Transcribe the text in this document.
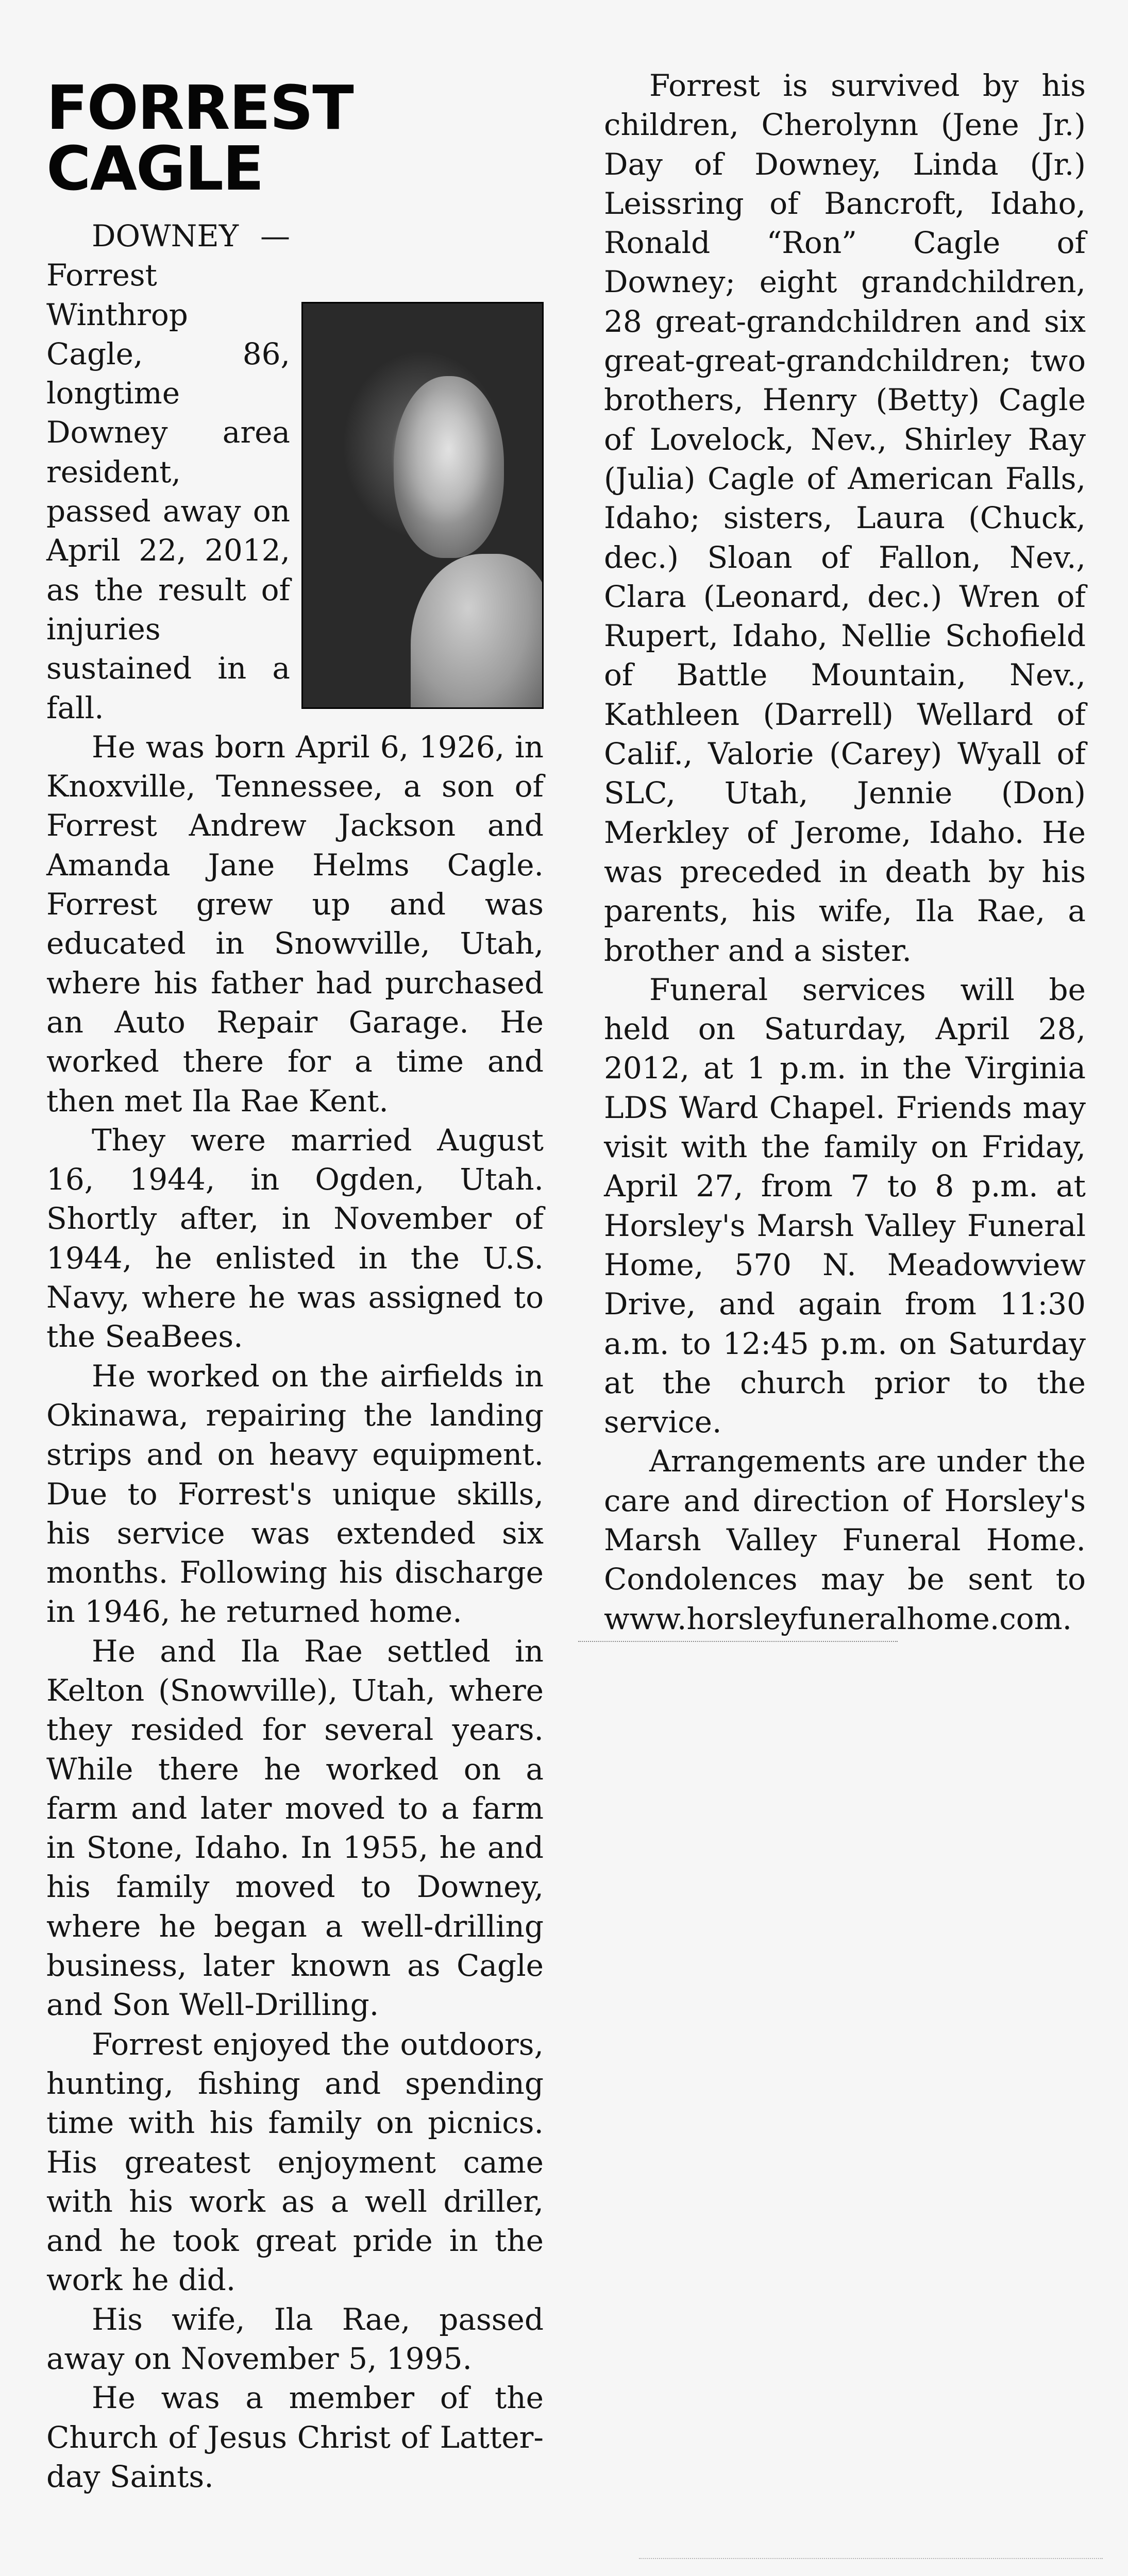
FORREST
CAGLE

DOWNEY — Forrest Winthrop Cagle, 86, longtime Downey area resident, passed away on April 22, 2012, as the result of injuries sustained in a fall.

He was born April 6, 1926, in Knoxville, Tennessee, a son of Forrest Andrew Jackson and Amanda Jane Helms Cagle. Forrest grew up and was educated in Snowville, Utah, where his father had purchased an Auto Repair Garage. He worked there for a time and then met Ila Rae Kent.

They were married August 16, 1944, in Ogden, Utah. Shortly after, in November of 1944, he enlisted in the U.S. Navy, where he was assigned to the SeaBees.

He worked on the airfields in Okinawa, repairing the landing strips and on heavy equipment. Due to Forrest's unique skills, his service was extended six months. Following his discharge in 1946, he returned home.

He and Ila Rae settled in Kelton (Snowville), Utah, where they resided for several years. While there he worked on a farm and later moved to a farm in Stone, Idaho. In 1955, he and his family moved to Downey, where he began a well-drilling business, later known as Cagle and Son Well-Drilling.

Forrest enjoyed the outdoors, hunting, fishing and spending time with his family on picnics. His greatest enjoyment came with his work as a well driller, and he took great pride in the work he did.

His wife, Ila Rae, passed away on November 5, 1995.

He was a member of the Church of Jesus Christ of Latter-day Saints.

Forrest is survived by his children, Cherolynn (Jene Jr.) Day of Downey, Linda (Jr.) Leissring of Bancroft, Idaho, Ronald “Ron” Cagle of Downey; eight grandchildren, 28 great-grandchildren and six great-great-grandchildren; two brothers, Henry (Betty) Cagle of Lovelock, Nev., Shirley Ray (Julia) Cagle of American Falls, Idaho; sisters, Laura (Chuck, dec.) Sloan of Fallon, Nev., Clara (Leonard, dec.) Wren of Rupert, Idaho, Nellie Schofield of Battle Mountain, Nev., Kathleen (Darrell) Wellard of Calif., Valorie (Carey) Wyall of SLC, Utah, Jennie (Don) Merkley of Jerome, Idaho. He was preceded in death by his parents, his wife, Ila Rae, a brother and a sister.

Funeral services will be held on Saturday, April 28, 2012, at 1 p.m. in the Virginia LDS Ward Chapel. Friends may visit with the family on Friday, April 27, from 7 to 8 p.m. at Horsley's Marsh Valley Funeral Home, 570 N. Meadowview Drive, and again from 11:30 a.m. to 12:45 p.m. on Saturday at the church prior to the service.

Arrangements are under the care and direction of Horsley's Marsh Valley Funeral Home. Condolences may be sent to www.horsleyfuneralhome.com.
